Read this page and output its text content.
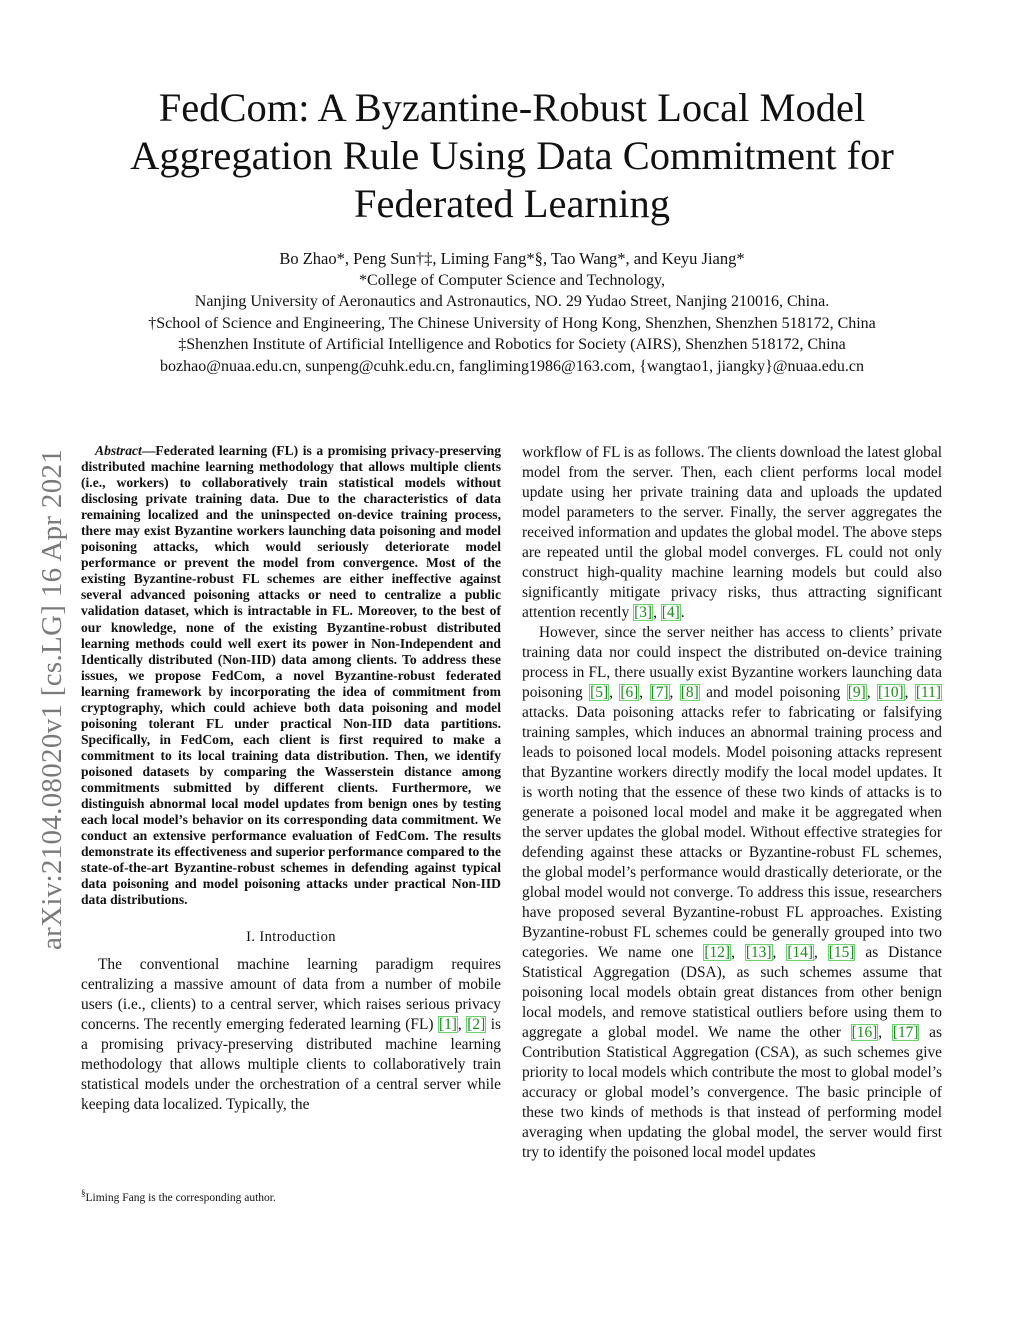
arXiv:2104.08020v1 [cs.LG] 16 Apr 2021
FedCom: A Byzantine-Robust Local Model Aggregation Rule Using Data Commitment for Federated Learning
Bo Zhao*, Peng Sun†‡, Liming Fang*§, Tao Wang*, and Keyu Jiang*
*College of Computer Science and Technology,
Nanjing University of Aeronautics and Astronautics, NO. 29 Yudao Street, Nanjing 210016, China.
†School of Science and Engineering, The Chinese University of Hong Kong, Shenzhen, Shenzhen 518172, China
‡Shenzhen Institute of Artificial Intelligence and Robotics for Society (AIRS), Shenzhen 518172, China
bozhao@nuaa.edu.cn, sunpeng@cuhk.edu.cn, fangliming1986@163.com, {wangtao1, jiangky}@nuaa.edu.cn

Abstract—Federated learning (FL) is a promising privacy-preserving distributed machine learning methodology that allows multiple clients (i.e., workers) to collaboratively train statistical models without disclosing private training data. Due to the characteristics of data remaining localized and the uninspected on-device training process, there may exist Byzantine workers launching data poisoning and model poisoning attacks, which would seriously deteriorate model performance or prevent the model from convergence. Most of the existing Byzantine-robust FL schemes are either ineffective against several advanced poisoning attacks or need to centralize a public validation dataset, which is intractable in FL. Moreover, to the best of our knowledge, none of the existing Byzantine-robust distributed learning methods could well exert its power in Non-Independent and Identically distributed (Non-IID) data among clients. To address these issues, we propose FedCom, a novel Byzantine-robust federated learning framework by incorporating the idea of commitment from cryptography, which could achieve both data poisoning and model poisoning tolerant FL under practical Non-IID data partitions. Specifically, in FedCom, each client is first required to make a commitment to its local training data distribution. Then, we identify poisoned datasets by comparing the Wasserstein distance among commitments submitted by different clients. Furthermore, we distinguish abnormal local model updates from benign ones by testing each local model’s behavior on its corresponding data commitment. We conduct an extensive performance evaluation of FedCom. The results demonstrate its effectiveness and superior performance compared to the state-of-the-art Byzantine-robust schemes in defending against typical data poisoning and model poisoning attacks under practical Non-IID data distributions.

I. Introduction

The conventional machine learning paradigm requires centralizing a massive amount of data from a number of mobile users (i.e., clients) to a central server, which raises serious privacy concerns. The recently emerging federated learning (FL) [1], [2] is a promising privacy-preserving distributed machine learning methodology that allows multiple clients to collaboratively train statistical models under the orchestration of a central server while keeping data localized. Typically, the

workflow of FL is as follows. The clients download the latest global model from the server. Then, each client performs local model update using her private training data and uploads the updated model parameters to the server. Finally, the server aggregates the received information and updates the global model. The above steps are repeated until the global model converges. FL could not only construct high-quality machine learning models but could also significantly mitigate privacy risks, thus attracting significant attention recently [3], [4].

However, since the server neither has access to clients’ private training data nor could inspect the distributed on-device training process in FL, there usually exist Byzantine workers launching data poisoning [5], [6], [7], [8] and model poisoning [9], [10], [11] attacks. Data poisoning attacks refer to fabricating or falsifying training samples, which induces an abnormal training process and leads to poisoned local models. Model poisoning attacks represent that Byzantine workers directly modify the local model updates. It is worth noting that the essence of these two kinds of attacks is to generate a poisoned local model and make it be aggregated when the server updates the global model. Without effective strategies for defending against these attacks or Byzantine-robust FL schemes, the global model’s performance would drastically deteriorate, or the global model would not converge. To address this issue, researchers have proposed several Byzantine-robust FL approaches. Existing Byzantine-robust FL schemes could be generally grouped into two categories. We name one [12], [13], [14], [15] as Distance Statistical Aggregation (DSA), as such schemes assume that poisoning local models obtain great distances from other benign local models, and remove statistical outliers before using them to aggregate a global model. We name the other [16], [17] as Contribution Statistical Aggregation (CSA), as such schemes give priority to local models which contribute the most to global model’s accuracy or global model’s convergence. The basic principle of these two kinds of methods is that instead of performing model averaging when updating the global model, the server would first try to identify the poisoned local model updates

§Liming Fang is the corresponding author.
